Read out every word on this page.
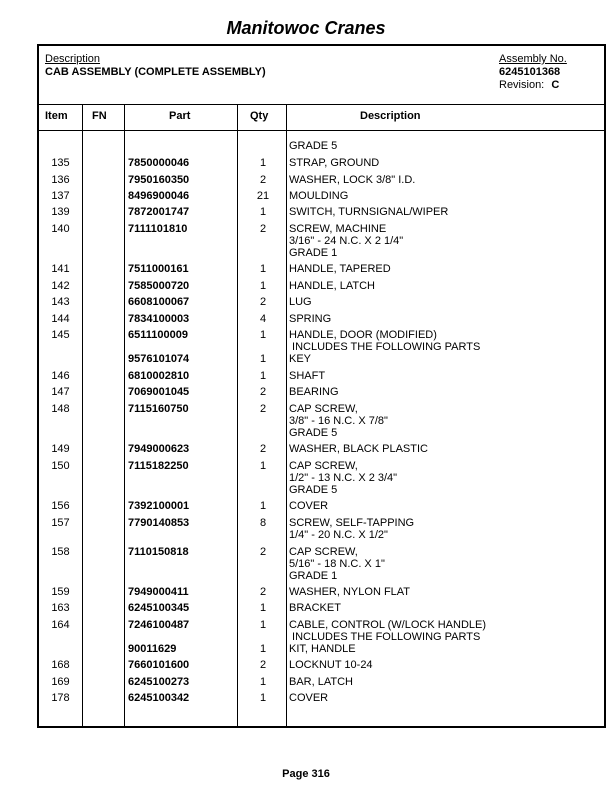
Manitowoc Cranes
Description
CAB ASSEMBLY (COMPLETE ASSEMBLY)
Assembly No.
6245101368
Revision: C
Item FN	Part	Qty	Description
GRADE 5
135	7850000046	1	STRAP, GROUND
136	7950160350	2	WASHER, LOCK 3/8" I.D.
137	8496900046	21	MOULDING
139	7872001747	1	SWITCH, TURNSIGNAL/WIPER
140	7111101810	2	SCREW, MACHINE
3/16" - 24 N.C. X 2 1/4"
GRADE 1
141	7511000161	1	HANDLE, TAPERED
142	7585000720	1	HANDLE, LATCH
143	6608100067	2	LUG
144	7834100003	4	SPRING
145	6511100009	1	HANDLE, DOOR (MODIFIED)
INCLUDES THE FOLLOWING PARTS
9576101074	1	KEY
146	6810002810	1	SHAFT
147	7069001045	2	BEARING
148	7115160750	2	CAP SCREW,
3/8" - 16 N.C. X 7/8"
GRADE 5
149	7949000623	2	WASHER, BLACK PLASTIC
150	7115182250	1	CAP SCREW,
1/2" - 13 N.C. X 2 3/4"
GRADE 5
156	7392100001	1	COVER
157	7790140853	8	SCREW, SELF-TAPPING
1/4" - 20 N.C. X 1/2"
158	7110150818	2	CAP SCREW,
5/16" - 18 N.C. X 1"
GRADE 1
159	7949000411	2	WASHER, NYLON FLAT
163	6245100345	1	BRACKET
164	7246100487	1	CABLE, CONTROL (W/LOCK HANDLE)
INCLUDES THE FOLLOWING PARTS
90011629	1	KIT, HANDLE
168	7660101600	2	LOCKNUT 10-24
169	6245100273	1	BAR, LATCH
178	6245100342	1	COVER
Page 316
